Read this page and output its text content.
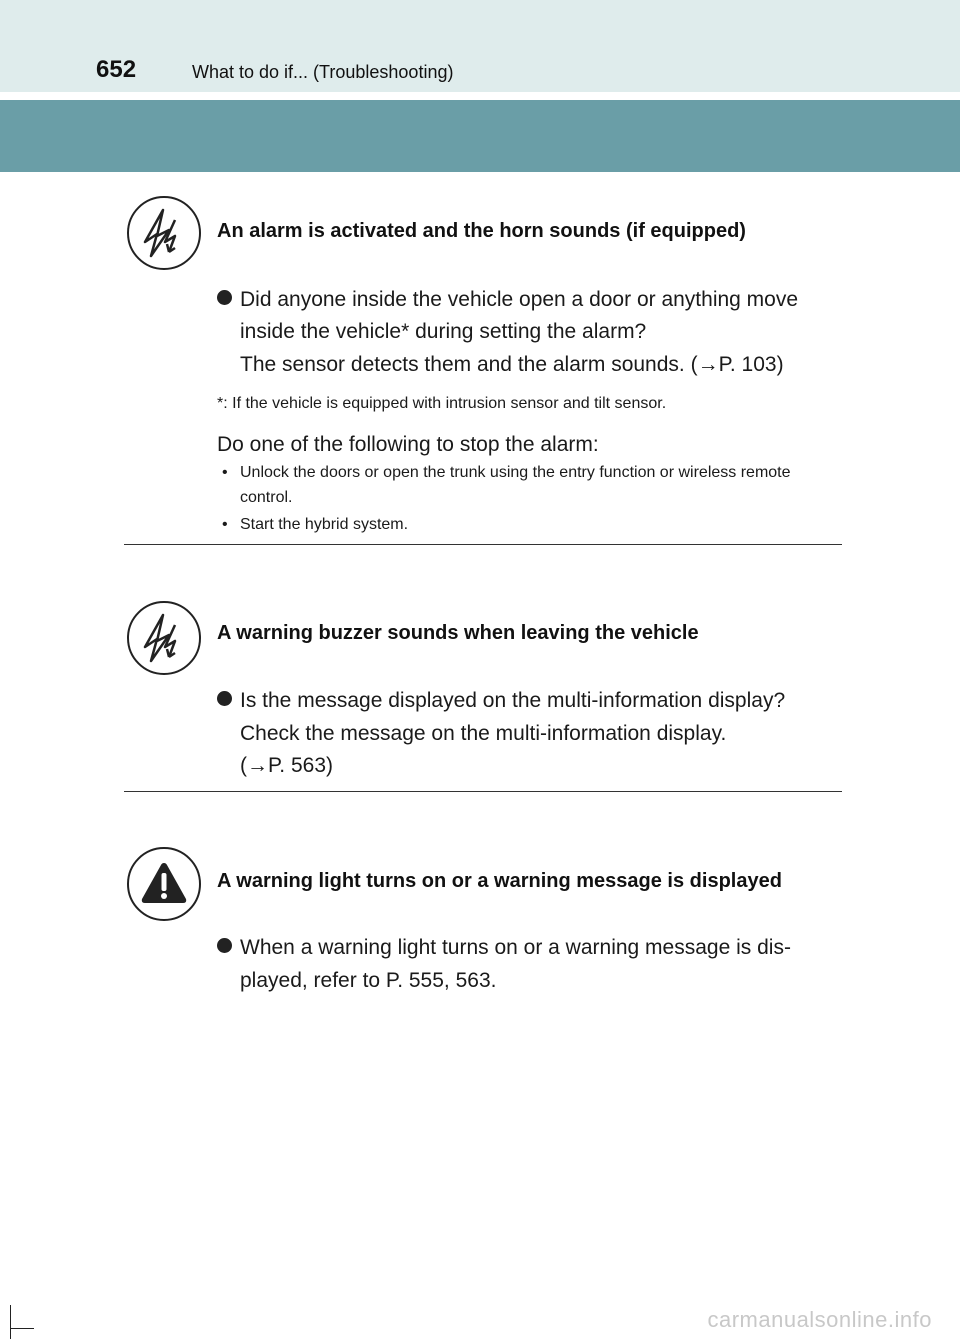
652	What to do if... (Troubleshooting)
An alarm is activated and the horn sounds (if equipped)
Did anyone inside the vehicle open a door or anything move
inside the vehicle* during setting the alarm?
The sensor detects them and the alarm sounds. (→P. 103)
*: If the vehicle is equipped with intrusion sensor and tilt sensor.
Do one of the following to stop the alarm:
• Unlock the doors or open the trunk using the entry function or wireless remote control.
• Start the hybrid system.
A warning buzzer sounds when leaving the vehicle
Is the message displayed on the multi-information display?
Check the message on the multi-information display.
(→P. 563)
A warning light turns on or a warning message is displayed
When a warning light turns on or a warning message is dis-
played, refer to P. 555, 563.
carmanualsonline.info
